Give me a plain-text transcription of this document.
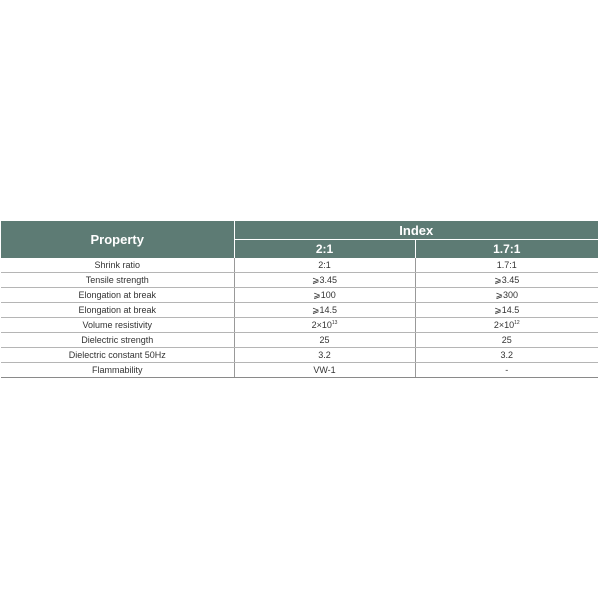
Property	Index	
	2:1	1.7:1
Shrink ratio	2:1	1.7:1
Tensile strength	⩾3.45	⩾3.45
Elongation at break	⩾100	⩾300
Elongation at break	⩾14.5	⩾14.5
Volume resistivity	$2\times 10^{13}$	$2\times 10^{12}$
Dielectric strength	25	25
Dielectric constant 50Hz	3.2	3.2
Flammability	VW-1	-
